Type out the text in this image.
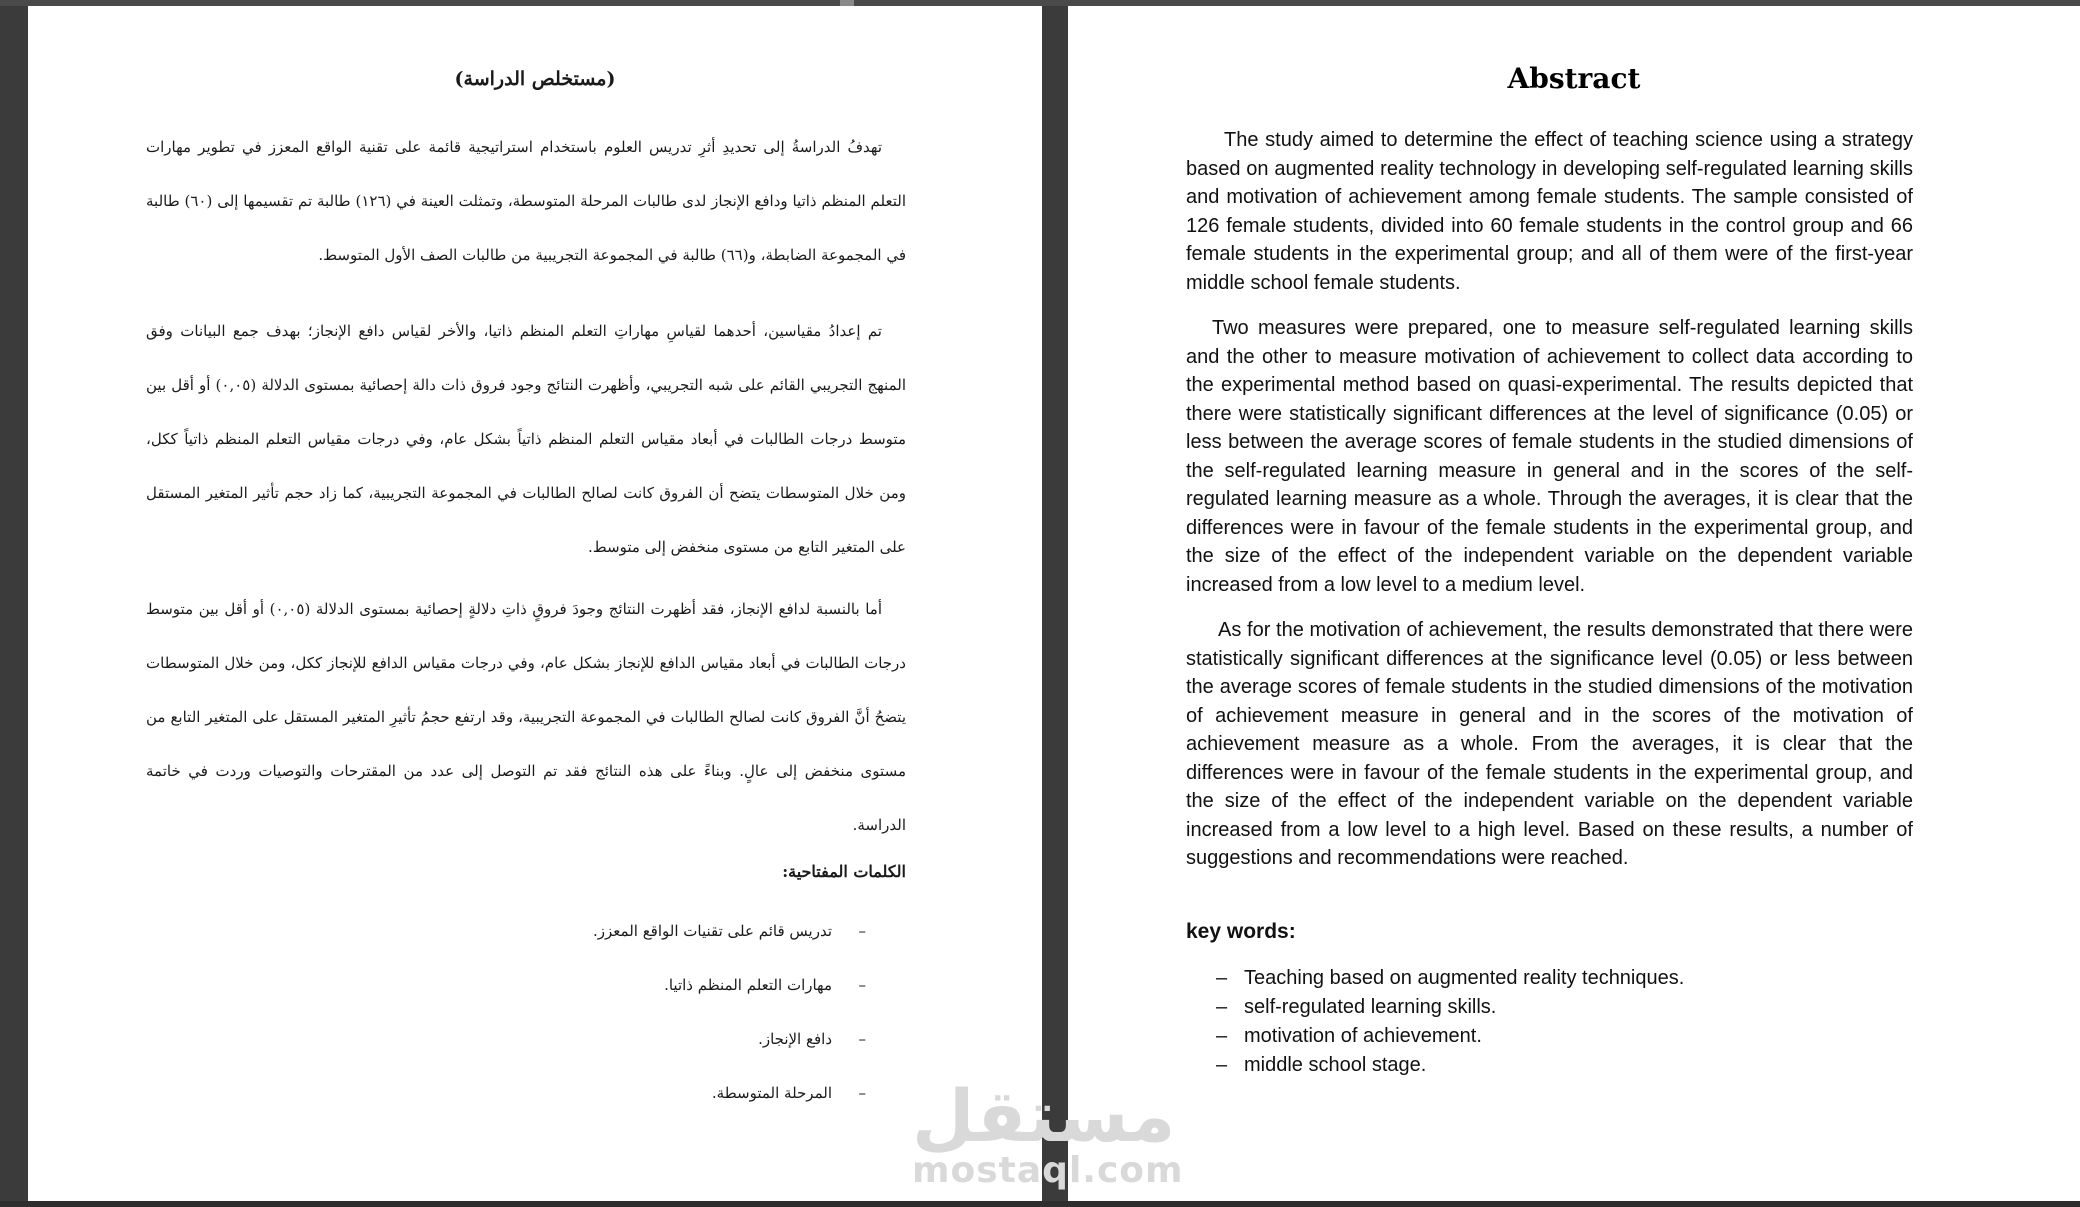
(مستخلص الدراسة)

تهدفُ الدراسةُ إلى تحديدِ أثرِ تدريس العلوم باستخدام استراتيجية قائمة على تقنية الواقع المعزز في تطوير مهارات التعلم المنظم ذاتيا ودافع الإنجاز لدى طالبات المرحلة المتوسطة، وتمثلت العينة في (١٢٦) طالبة تم تقسيمها إلى (٦٠) طالبة في المجموعة الضابطة، و(٦٦) طالبة في المجموعة التجريبية من طالبات الصف الأول المتوسط.

تم إعدادُ مقياسين، أحدهما لقياسِ مهاراتِ التعلم المنظم ذاتيا، والأخر لقياس دافع الإنجاز؛ بهدف جمع البيانات وفق المنهج التجريبي القائم على شبه التجريبي، وأظهرت النتائج وجود فروق ذات دالة إحصائية بمستوى الدلالة (٠,٠٥) أو أقل بين متوسط درجات الطالبات في أبعاد مقياس التعلم المنظم ذاتياً بشكل عام، وفي درجات مقياس التعلم المنظم ذاتياً ككل، ومن خلال المتوسطات يتضح أن الفروق كانت لصالح الطالبات في المجموعة التجريبية، كما زاد حجم تأثير المتغير المستقل على المتغير التابع من مستوى منخفض إلى متوسط.

أما بالنسبة لدافع الإنجاز، فقد أظهرت النتائج وجودَ فروقٍ ذاتِ دلالةٍ إحصائية بمستوى الدلالة (٠,٠٥) أو أقل بين متوسط درجات الطالبات في أبعاد مقياس الدافع للإنجاز بشكل عام، وفي درجات مقياس الدافع للإنجاز ككل، ومن خلال المتوسطات يتضحُ أنَّ الفروق كانت لصالح الطالبات في المجموعة التجريبية، وقد ارتفع حجمُ تأثيرِ المتغير المستقل على المتغير التابع من مستوى منخفض إلى عالٍ. وبناءً على هذه النتائج فقد تم التوصل إلى عدد من المقترحات والتوصيات وردت في خاتمة الدراسة.

الكلمات المفتاحية:
–تدريس قائم على تقنيات الواقع المعزز.
–مهارات التعلم المنظم ذاتيا.
–دافع الإنجاز.
–المرحلة المتوسطة.
Abstract

The study aimed to determine the effect of teaching science using a strategy based on augmented reality technology in developing self-regulated learning skills and motivation of achievement among female students. The sample consisted of 126 female students, divided into 60 female students in the control group and 66 female students in the experimental group; and all of them were of the first-year middle school female students.

Two measures were prepared, one to measure self-regulated learning skills and the other to measure motivation of achievement to collect data according to the experimental method based on quasi-experimental. The results depicted that there were statistically significant differences at the level of significance (0.05) or less between the average scores of female students in the studied dimensions of the self-regulated learning measure in general and in the scores of the self-regulated learning measure as a whole. Through the averages, it is clear that the differences were in favour of the female students in the experimental group, and the size of the effect of the independent variable on the dependent variable increased from a low level to a medium level.

As for the motivation of achievement, the results demonstrated that there were statistically significant differences at the significance level (0.05) or less between the average scores of female students in the studied dimensions of the motivation of achievement measure in general and in the scores of the motivation of achievement measure as a whole. From the averages, it is clear that the differences were in favour of the female students in the experimental group, and the size of the effect of the independent variable on the dependent variable increased from a low level to a high level. Based on these results, a number of suggestions and recommendations were reached.

key words:
– Teaching based on augmented reality techniques.
– self-regulated learning skills.
– motivation of achievement.
– middle school stage.
مستقل
mostaql.com
